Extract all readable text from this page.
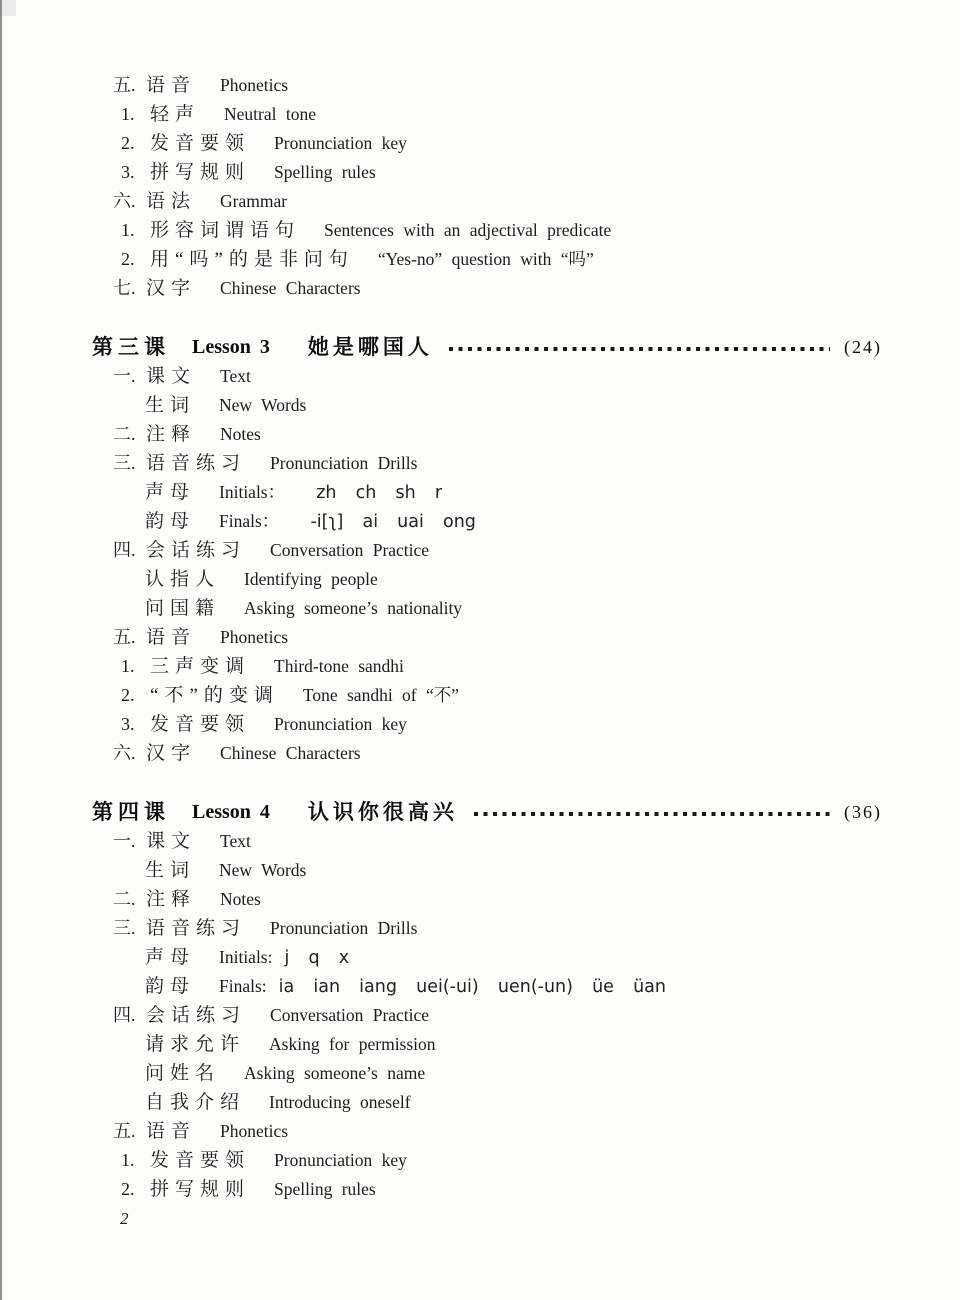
五. 语音 Phonetics
1. 轻声 Neutral tone
2. 发音要领 Pronunciation key
3. 拼写规则 Spelling rules
六. 语法 Grammar
1. 形容词谓语句 Sentences with an adjectival predicate
2. 用“吗”的是非问句 “Yes-no” question with “吗”
七. 汉字 Chinese Characters
第三课 Lesson 3 她是哪国人	(24)
一. 课文 Text
生词 New Words
二. 注释 Notes
三. 语音练习 Pronunciation Drills
声母 Initials： zh  ch  sh  r
韵母 Finals： -i[ʅ]  ai  uai  ong
四. 会话练习 Conversation Practice
认指人 Identifying people
问国籍 Asking someone’s nationality
五. 语音 Phonetics
1. 三声变调 Third-tone sandhi
2. “不”的变调 Tone sandhi of “不”
3. 发音要领 Pronunciation key
六. 汉字 Chinese Characters
第四课 Lesson 4 认识你很高兴	(36)
一. 课文 Text
生词 New Words
二. 注释 Notes
三. 语音练习 Pronunciation Drills
声母 Initials: j  q  x
韵母 Finals: ia  ian  iang  uei(-ui)  uen(-un)  üe  üan
四. 会话练习 Conversation Practice
请求允许 Asking for permission
问姓名 Asking someone’s name
自我介绍 Introducing oneself
五. 语音 Phonetics
1. 发音要领 Pronunciation key
2. 拼写规则 Spelling rules
2
